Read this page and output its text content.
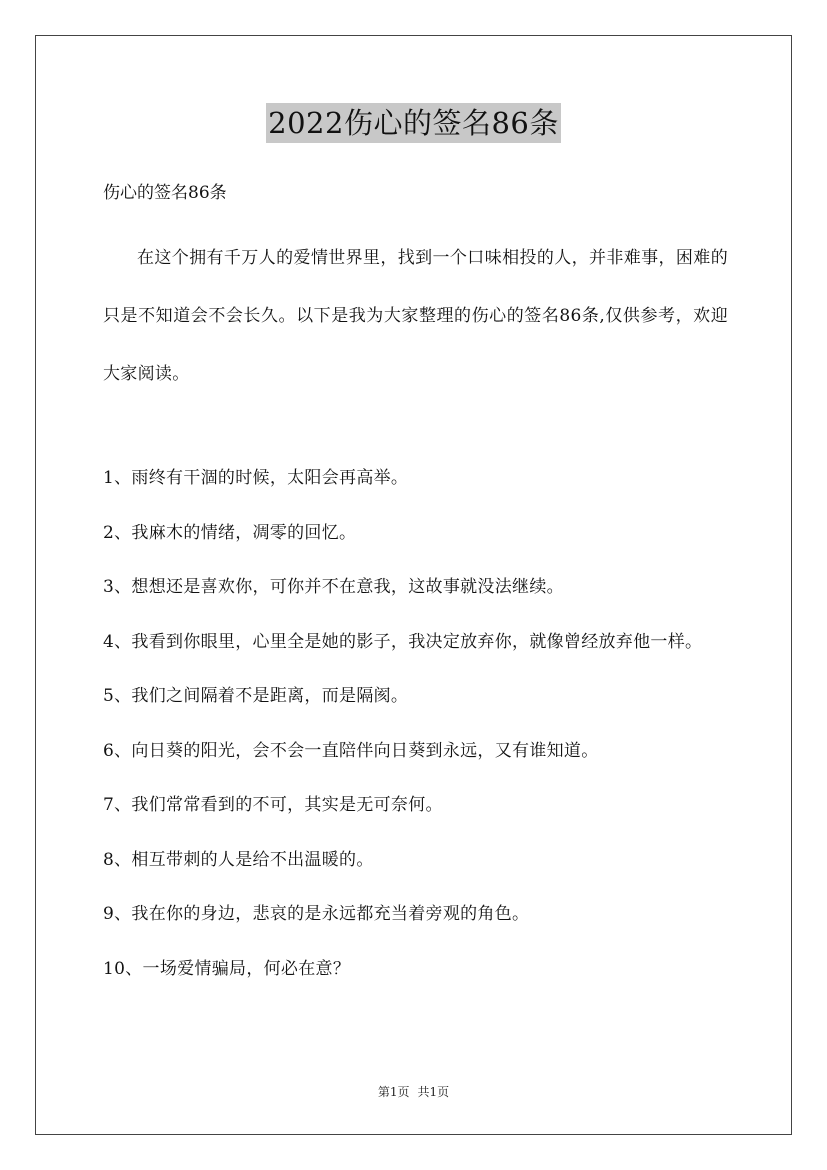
2022伤心的签名86条

伤心的签名86条

在这个拥有千万人的爱情世界里，找到一个口味相投的人，并非难事，困难的只是不知道会不会长久。以下是我为大家整理的伤心的签名86条,仅供参考，欢迎大家阅读。

1、雨终有干涸的时候，太阳会再高举。
2、我麻木的情绪，凋零的回忆。
3、想想还是喜欢你，可你并不在意我，这故事就没法继续。
4、我看到你眼里，心里全是她的影子，我决定放弃你，就像曾经放弃他一样。
5、我们之间隔着不是距离，而是隔阂。
6、向日葵的阳光，会不会一直陪伴向日葵到永远，又有谁知道。
7、我们常常看到的不可，其实是无可奈何。
8、相互带刺的人是给不出温暖的。
9、我在你的身边，悲哀的是永远都充当着旁观的角色。
10、一场爱情骗局，何必在意？
第1页 共1页
